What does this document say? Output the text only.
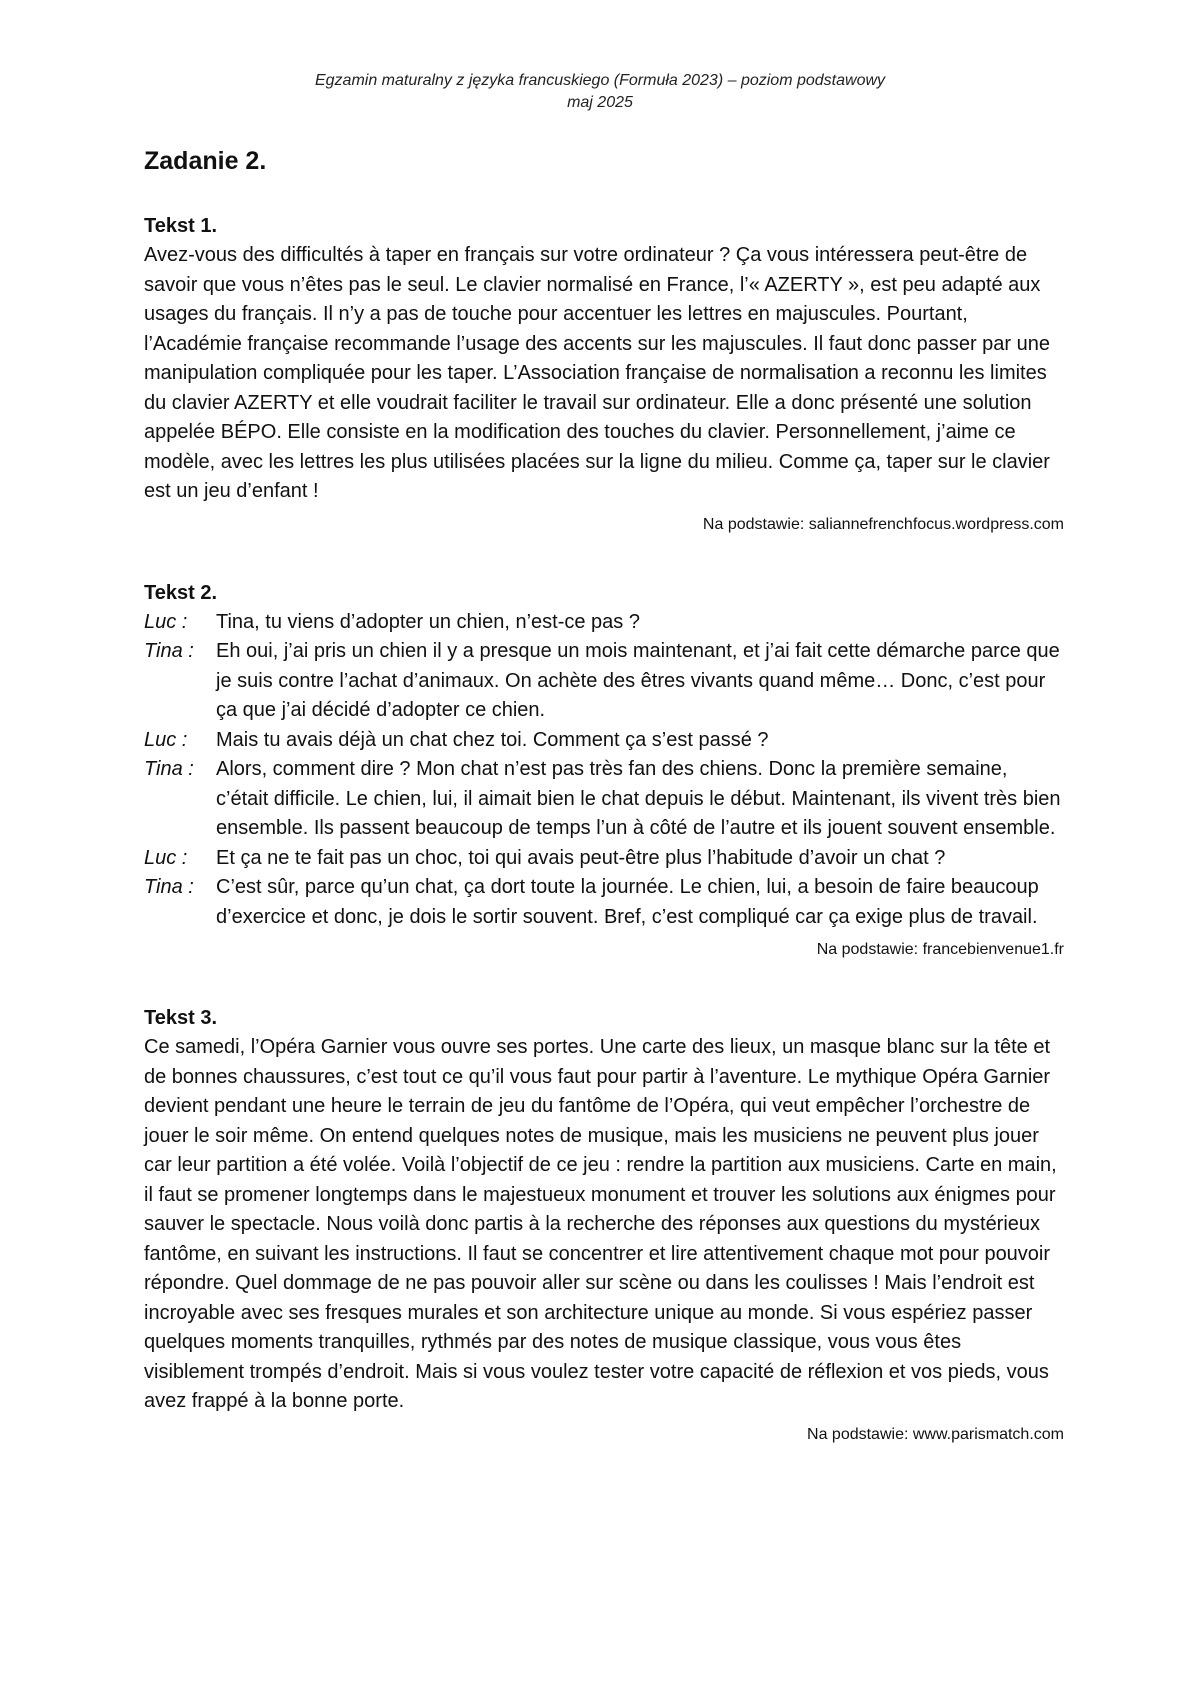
Egzamin maturalny z języka francuskiego (Formuła 2023) – poziom podstawowy
maj 2025
Zadanie 2.
Tekst 1.

Avez-vous des difficultés à taper en français sur votre ordinateur ? Ça vous intéressera peut-être de savoir que vous n’êtes pas le seul. Le clavier normalisé en France, l’« AZERTY », est peu adapté aux usages du français. Il n’y a pas de touche pour accentuer les lettres en majuscules. Pourtant, l’Académie française recommande l’usage des accents sur les majuscules. Il faut donc passer par une manipulation compliquée pour les taper. L’Association française de normalisation a reconnu les limites du clavier AZERTY et elle voudrait faciliter le travail sur ordinateur. Elle a donc présenté une solution appelée BÉPO. Elle consiste en la modification des touches du clavier. Personnellement, j’aime ce modèle, avec les lettres les plus utilisées placées sur la ligne du milieu. Comme ça, taper sur le clavier est un jeu d’enfant !

Na podstawie: saliannefrenchfocus.wordpress.com

Tekst 2.
Luc :	Tina, tu viens d’adopter un chien, n’est-ce pas ?
Tina :	Eh oui, j’ai pris un chien il y a presque un mois maintenant, et j’ai fait cette démarche parce que je suis contre l’achat d’animaux. On achète des êtres vivants quand même… Donc, c’est pour ça que j’ai décidé d’adopter ce chien.
Luc :	Mais tu avais déjà un chat chez toi. Comment ça s’est passé ?
Tina :	Alors, comment dire ? Mon chat n’est pas très fan des chiens. Donc la première semaine, c’était difficile. Le chien, lui, il aimait bien le chat depuis le début. Maintenant, ils vivent très bien ensemble. Ils passent beaucoup de temps l’un à côté de l’autre et ils jouent souvent ensemble.
Luc :	Et ça ne te fait pas un choc, toi qui avais peut-être plus l’habitude d’avoir un chat ?
Tina :	C’est sûr, parce qu’un chat, ça dort toute la journée. Le chien, lui, a besoin de faire beaucoup d’exercice et donc, je dois le sortir souvent. Bref, c’est compliqué car ça exige plus de travail.

Na podstawie: francebienvenue1.fr

Tekst 3.

Ce samedi, l’Opéra Garnier vous ouvre ses portes. Une carte des lieux, un masque blanc sur la tête et de bonnes chaussures, c’est tout ce qu’il vous faut pour partir à l’aventure. Le mythique Opéra Garnier devient pendant une heure le terrain de jeu du fantôme de l’Opéra, qui veut empêcher l’orchestre de jouer le soir même. On entend quelques notes de musique, mais les musiciens ne peuvent plus jouer car leur partition a été volée. Voilà l’objectif de ce jeu : rendre la partition aux musiciens. Carte en main, il faut se promener longtemps dans le majestueux monument et trouver les solutions aux énigmes pour sauver le spectacle. Nous voilà donc partis à la recherche des réponses aux questions du mystérieux fantôme, en suivant les instructions. Il faut se concentrer et lire attentivement chaque mot pour pouvoir répondre. Quel dommage de ne pas pouvoir aller sur scène ou dans les coulisses ! Mais l’endroit est incroyable avec ses fresques murales et son architecture unique au monde. Si vous espériez passer quelques moments tranquilles, rythmés par des notes de musique classique, vous vous êtes visiblement trompés d’endroit. Mais si vous voulez tester votre capacité de réflexion et vos pieds, vous avez frappé à la bonne porte.

Na podstawie: www.parismatch.com
